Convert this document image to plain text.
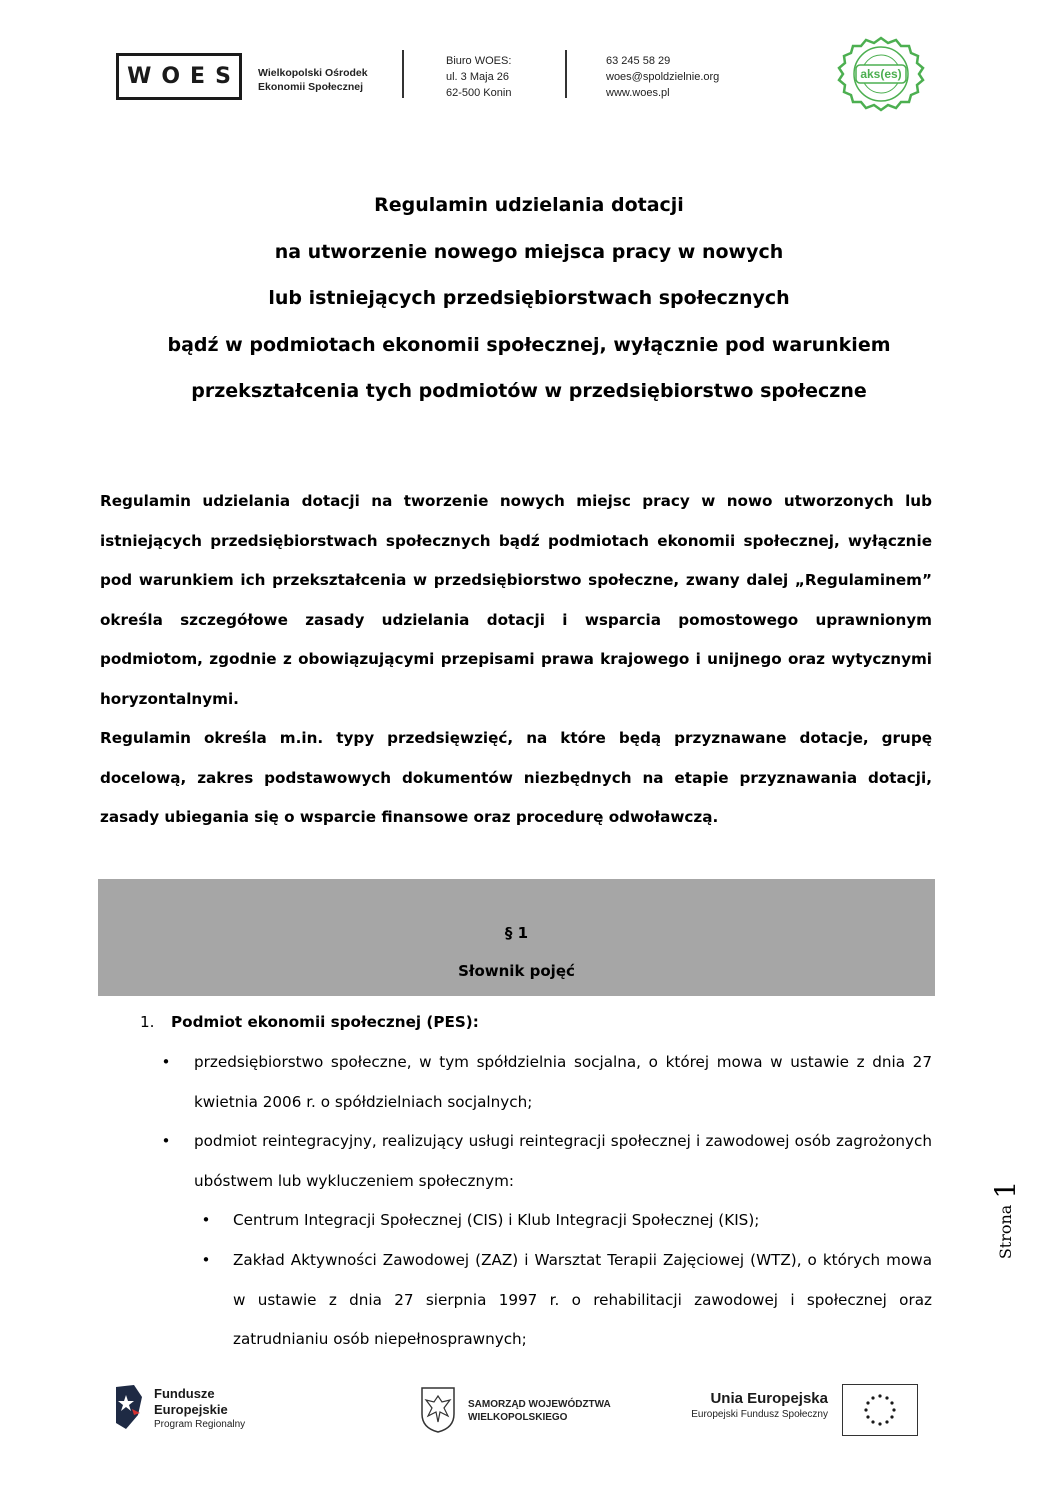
WOES Wielkopolski Ośrodek
Ekonomii Społecznej
Biuro WOES:
ul. 3 Maja 26
62-500 Konin
63 245 58 29
woes@spoldzielnie.org
www.woes.pl
aks(es)
Regulamin udzielania dotacji
na utworzenie nowego miejsca pracy w nowych
lub istniejących przedsiębiorstwach społecznych
bądź w podmiotach ekonomii społecznej, wyłącznie pod warunkiem
przekształcenia tych podmiotów w przedsiębiorstwo społeczne

Regulamin udzielania dotacji na tworzenie nowych miejsc pracy w nowo utworzonych lub istniejących przedsiębiorstwach społecznych bądź podmiotach ekonomii społecznej, wyłącznie pod warunkiem ich przekształcenia w przedsiębiorstwo społeczne, zwany dalej „Regulaminem” określa szczegółowe zasady udzielania dotacji i wsparcia pomostowego uprawnionym podmiotom, zgodnie z obowiązującymi przepisami prawa krajowego i unijnego oraz wytycznymi horyzontalnymi.

Regulamin określa m.in. typy przedsięwzięć, na które będą przyznawane dotacje, grupę docelową, zakres podstawowych dokumentów niezbędnych na etapie przyznawania dotacji, zasady ubiegania się o wsparcie finansowe oraz procedurę odwoławczą.

§ 1
Słownik pojęć
1. Podmiot ekonomii społecznej (PES):
• przedsiębiorstwo społeczne, w tym spółdzielnia socjalna, o której mowa w ustawie z dnia 27 kwietnia 2006 r. o spółdzielniach socjalnych;
• podmiot reintegracyjny, realizujący usługi reintegracji społecznej i zawodowej osób zagrożonych ubóstwem lub wykluczeniem społecznym:
• Centrum Integracji Społecznej (CIS) i Klub Integracji Społecznej (KIS);
• Zakład Aktywności Zawodowej (ZAZ) i Warsztat Terapii Zajęciowej (WTZ), o których mowa w ustawie z dnia 27 sierpnia 1997 r. o rehabilitacji zawodowej i społecznej oraz zatrudnianiu osób niepełnosprawnych;
Strona
1
Fundusze
Europejskie
Program Regionalny
SAMORZĄD WOJEWÓDZTWA
WIELKOPOLSKIEGO
Unia Europejska
Europejski Fundusz Społeczny
